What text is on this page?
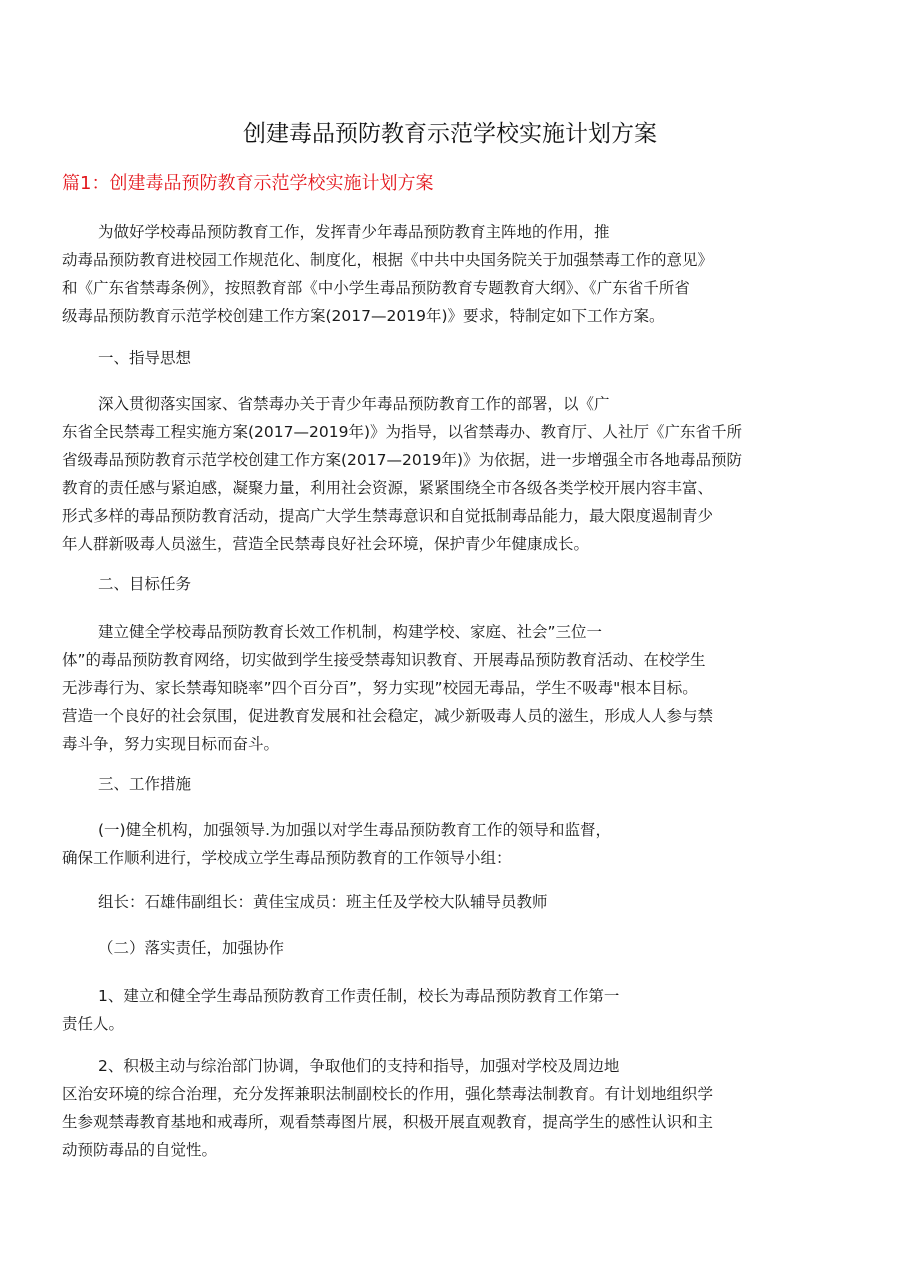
创建毒品预防教育示范学校实施计划方案
篇1：创建毒品预防教育示范学校实施计划方案

为做好学校毒品预防教育工作，发挥青少年毒品预防教育主阵地的作用，推
动毒品预防教育进校园工作规范化、制度化，根据《中共中央国务院关于加强禁毒工作的意见》
和《广东省禁毒条例》，按照教育部《中小学生毒品预防教育专题教育大纲》、《广东省千所省
级毒品预防教育示范学校创建工作方案(2017—2019年)》要求，特制定如下工作方案。

一、指导思想

深入贯彻落实国家、省禁毒办关于青少年毒品预防教育工作的部署，以《广
东省全民禁毒工程实施方案(2017—2019年)》为指导，以省禁毒办、教育厅、人社厅《广东省千所
省级毒品预防教育示范学校创建工作方案(2017—2019年)》为依据，进一步增强全市各地毒品预防
教育的责任感与紧迫感，凝聚力量，利用社会资源，紧紧围绕全市各级各类学校开展内容丰富、
形式多样的毒品预防教育活动，提高广大学生禁毒意识和自觉抵制毒品能力，最大限度遏制青少
年人群新吸毒人员滋生，营造全民禁毒良好社会环境，保护青少年健康成长。

二、目标任务

建立健全学校毒品预防教育长效工作机制，构建学校、家庭、社会”三位一
体”的毒品预防教育网络，切实做到学生接受禁毒知识教育、开展毒品预防教育活动、在校学生
无涉毒行为、家长禁毒知晓率”四个百分百”，努力实现”校园无毒品，学生不吸毒"根本目标。
营造一个良好的社会氛围，促进教育发展和社会稳定，减少新吸毒人员的滋生，形成人人参与禁
毒斗争，努力实现目标而奋斗。

三、工作措施

(一)健全机构，加强领导.为加强以对学生毒品预防教育工作的领导和监督，
确保工作顺利进行，学校成立学生毒品预防教育的工作领导小组：

组长：石雄伟副组长：黄佳宝成员：班主任及学校大队辅导员教师

（二）落实责任，加强协作

1、建立和健全学生毒品预防教育工作责任制，校长为毒品预防教育工作第一
责任人。

2、积极主动与综治部门协调，争取他们的支持和指导，加强对学校及周边地
区治安环境的综合治理，充分发挥兼职法制副校长的作用，强化禁毒法制教育。有计划地组织学
生参观禁毒教育基地和戒毒所，观看禁毒图片展，积极开展直观教育，提高学生的感性认识和主
动预防毒品的自觉性。
